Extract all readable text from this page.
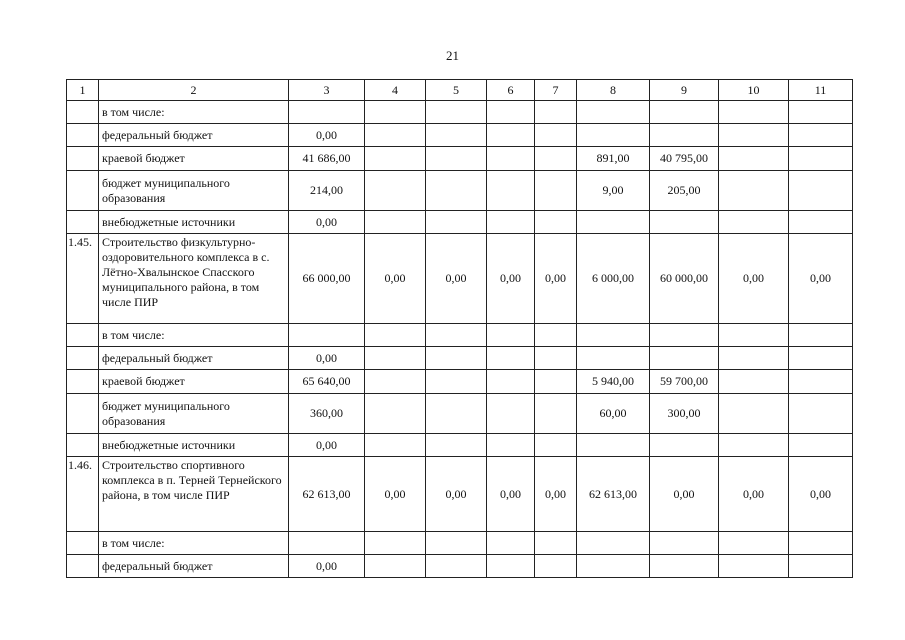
21
1	2	3	4	5	6	7	8	9	10	11
	в том числе:									
	федеральный бюджет	0,00								
	краевой бюджет	41 686,00					891,00	40 795,00		
	бюджет муниципального образования	214,00					9,00	205,00		
	внебюджетные источники	0,00								
1.45.	Строительство физкультурно-оздоровительного комплекса в с. Лётно-Хвалынское Спасского муниципального района, в том числе ПИР	66 000,00	0,00	0,00	0,00	0,00	6 000,00	60 000,00	0,00	0,00
	в том числе:									
	федеральный бюджет	0,00								
	краевой бюджет	65 640,00					5 940,00	59 700,00		
	бюджет муниципального образования	360,00					60,00	300,00		
	внебюджетные источники	0,00								
1.46.	Строительство спортивного комплекса в п. Терней Тернейского района, в том числе ПИР	62 613,00	0,00	0,00	0,00	0,00	62 613,00	0,00	0,00	0,00
	в том числе:									
	федеральный бюджет	0,00								
